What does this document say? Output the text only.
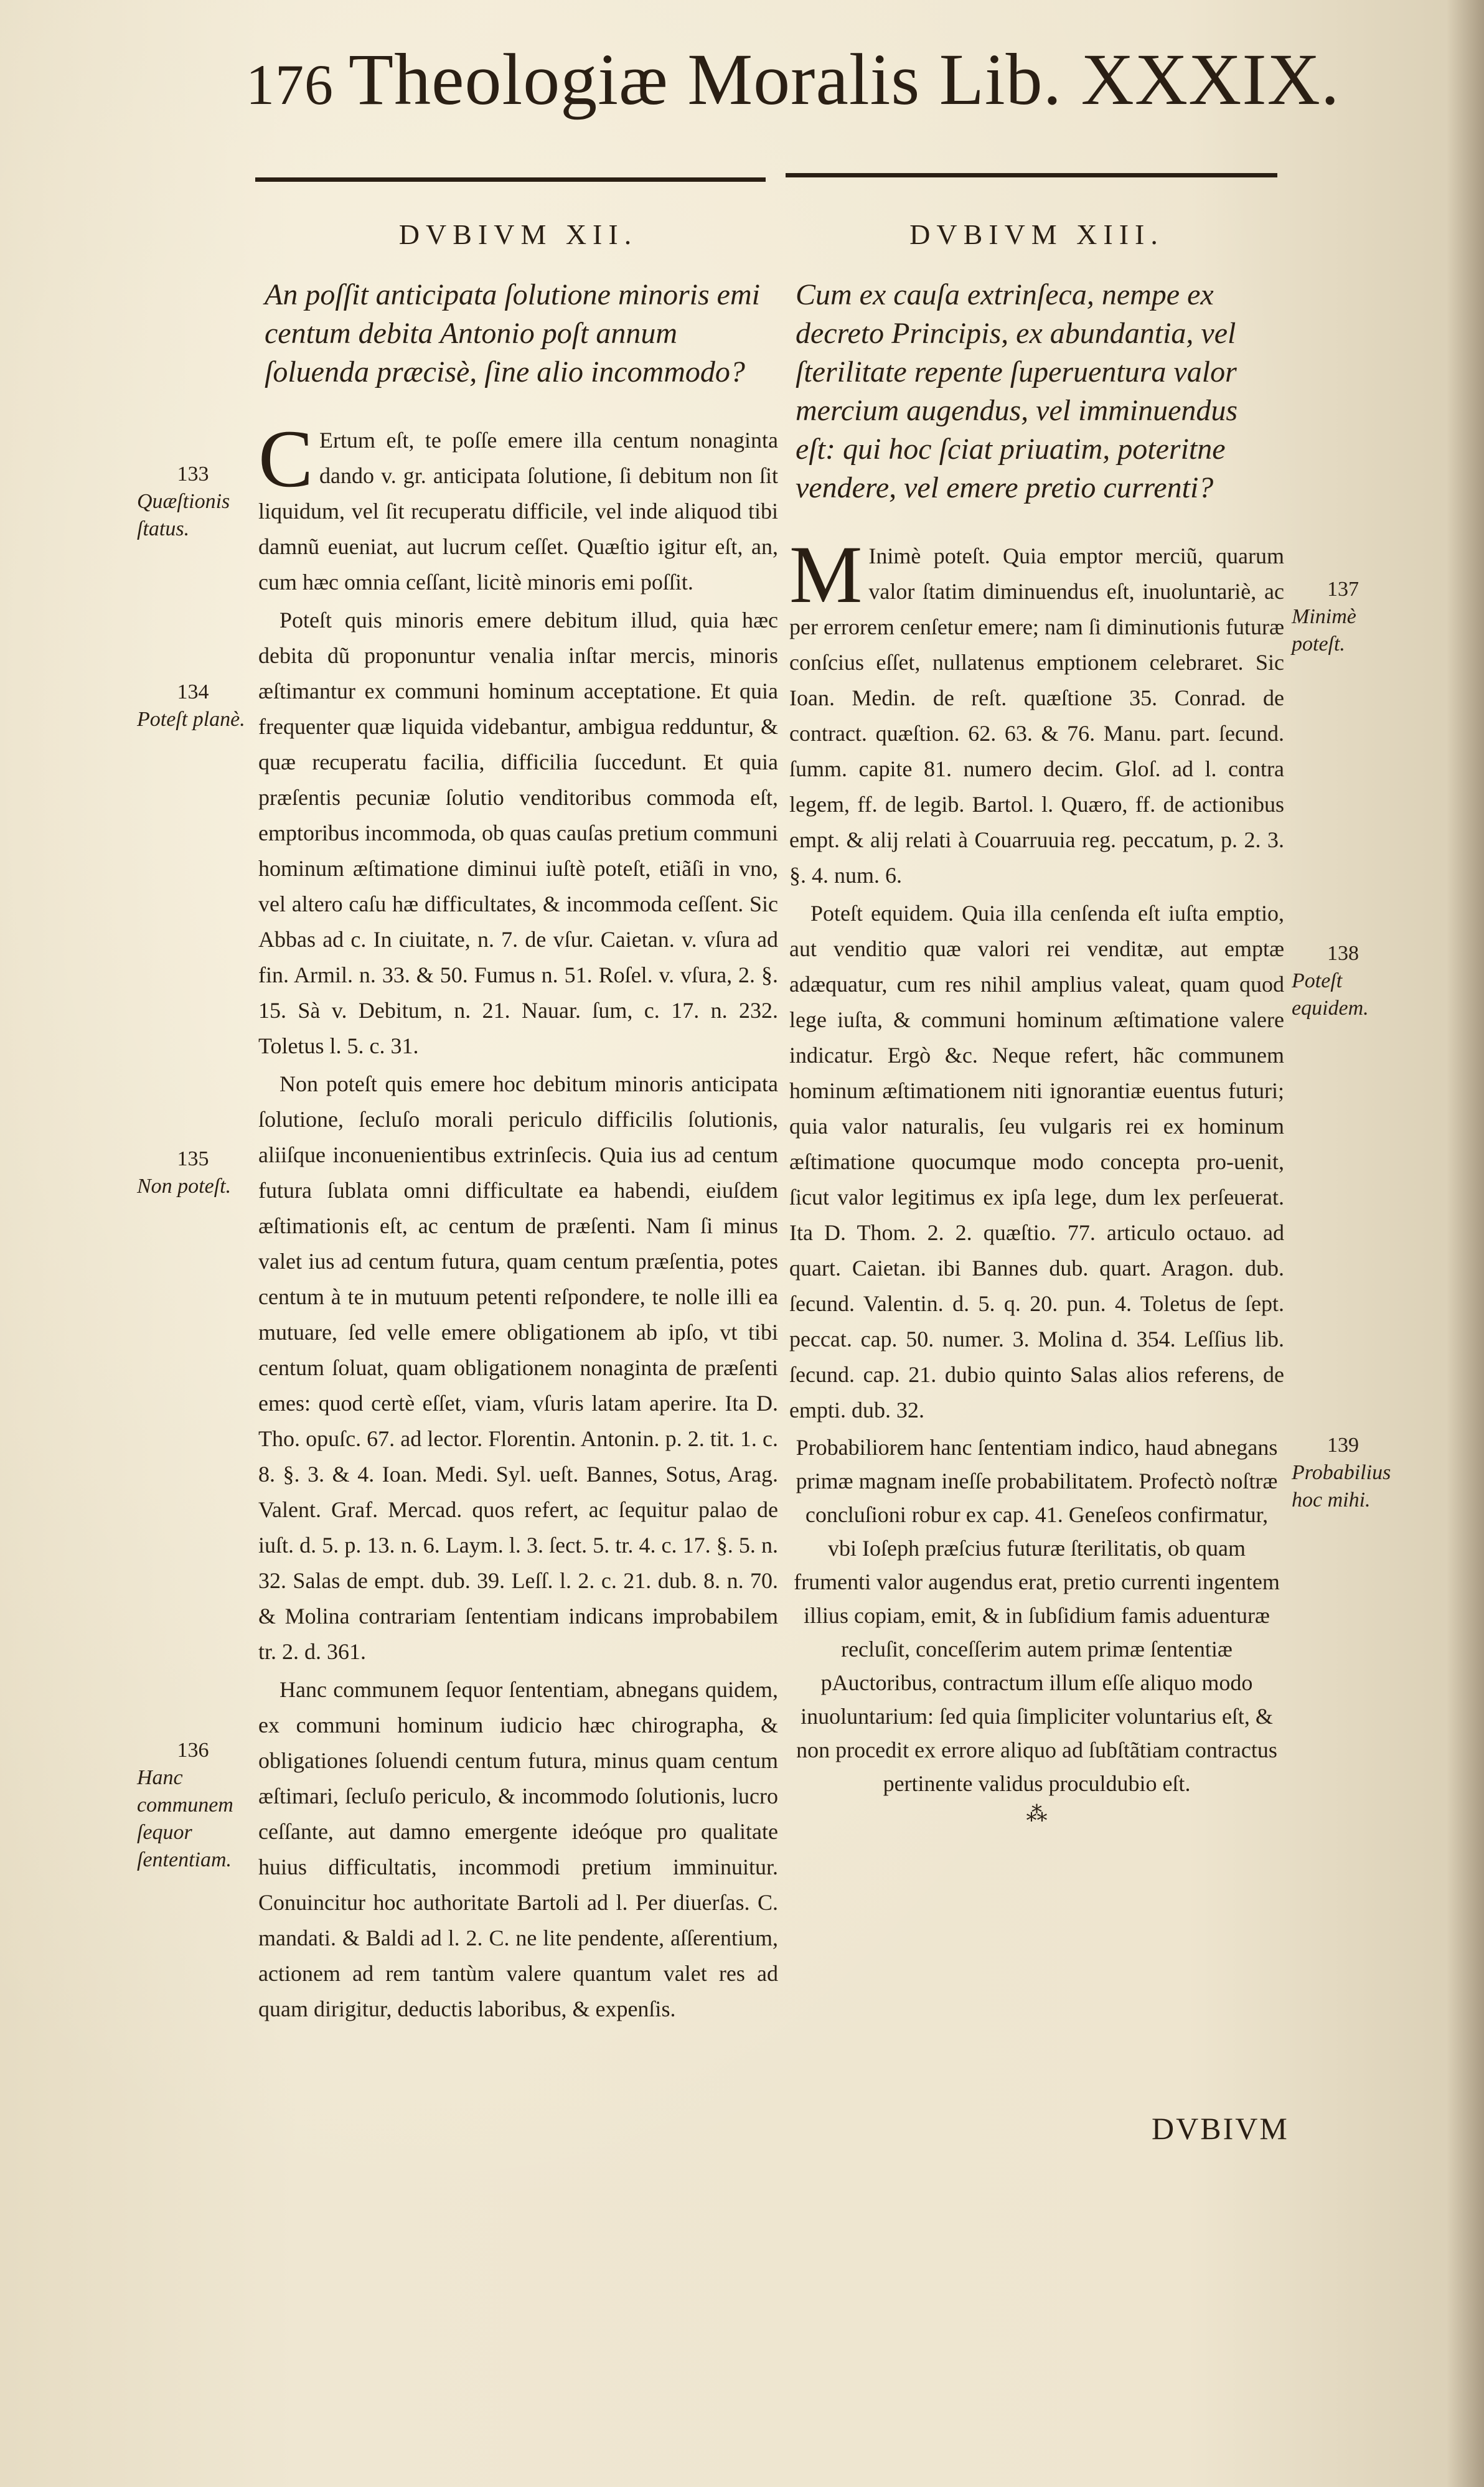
176 Theologiæ Moralis Lib. XXXIX.
DVBIVM XII.
An poſſit anticipata ſolutione minoris emi centum debita Antonio poſt annum ſoluenda præcisè, ſine alio incommodo?

C Ertum eſt, te poſſe emere illa centum nonaginta dando v. gr. anticipata ſolutione, ſi debitum non ſit liquidum, vel ſit recuperatu difficile, vel inde aliquod tibi damnũ eueniat, aut lucrum ceſſet. Quæſtio igitur eſt, an, cum hæc omnia ceſſant, licitè minoris emi poſſit.

Poteſt quis minoris emere debitum illud, quia hæc debita dũ proponuntur venalia inſtar mercis, minoris æſtimantur ex communi hominum acceptatione. Et quia frequenter quæ liquida videbantur, ambigua redduntur, & quæ recuperatu facilia, difficilia ſuccedunt. Et quia præſentis pecuniæ ſolutio venditoribus commoda eſt, emptoribus incommoda, ob quas cauſas pretium communi hominum æſtimatione diminui iuſtè poteſt, etiãſi in vno, vel altero caſu hæ difficultates, & incommoda ceſſent. Sic Abbas ad c. In ciuitate, n. 7. de vſur. Caietan. v. vſura ad fin. Armil. n. 33. & 50. Fumus n. 51. Roſel. v. vſura, 2. §. 15. Sà v. Debitum, n. 21. Nauar. ſum, c. 17. n. 232. Toletus l. 5. c. 31.

Non poteſt quis emere hoc debitum minoris anticipata ſolutione, ſecluſo morali periculo difficilis ſolutionis, aliiſque inconuenientibus extrinſecis. Quia ius ad centum futura ſublata omni difficultate ea habendi, eiuſdem æſtimationis eſt, ac centum de præſenti. Nam ſi minus valet ius ad centum futura, quam centum præſentia, potes centum à te in mutuum petenti reſpondere, te nolle illi ea mutuare, ſed velle emere obligationem ab ipſo, vt tibi centum ſoluat, quam obligationem nonaginta de præſenti emes: quod certè eſſet, viam, vſuris latam aperire. Ita D. Tho. opuſc. 67. ad lector. Florentin. Antonin. p. 2. tit. 1. c. 8. §. 3. & 4. Ioan. Medi. Syl. ueſt. Bannes, Sotus, Arag. Valent. Graf. Mercad. quos refert, ac ſequitur palao de iuſt. d. 5. p. 13. n. 6. Laym. l. 3. ſect. 5. tr. 4. c. 17. §. 5. n. 32. Salas de empt. dub. 39. Leſſ. l. 2. c. 21. dub. 8. n. 70. & Molina contrariam ſententiam indicans improbabilem tr. 2. d. 361.

Hanc communem ſequor ſententiam, abnegans quidem, ex communi hominum iudicio hæc chirographa, & obligationes ſoluendi centum futura, minus quam centum æſtimari, ſecluſo periculo, & incommodo ſolutionis, lucro ceſſante, aut damno emergente ideóque pro qualitate huius difficultatis, incommodi pretium imminuitur. Conuincitur hoc authoritate Bartoli ad l. Per diuerſas. C. mandati. & Baldi ad l. 2. C. ne lite pendente, aſſerentium, actionem ad rem tantùm valere quantum valet res ad quam dirigitur, deductis laboribus, & expenſis.

DVBIVM XIII.
Cum ex cauſa extrinſeca, nempe ex decreto Principis, ex abundantia, vel ſterilitate repente ſuperuentura valor mercium augendus, vel imminuendus eſt: qui hoc ſciat priuatim, poteritne vendere, vel emere pretio currenti?

M Inimè poteſt. Quia emptor merciũ, quarum valor ſtatim diminuendus eſt, inuoluntariè, ac per errorem cenſetur emere; nam ſi diminutionis futuræ conſcius eſſet, nullatenus emptionem celebraret. Sic Ioan. Medin. de reſt. quæſtione 35. Conrad. de contract. quæſtion. 62. 63. & 76. Manu. part. ſecund. ſumm. capite 81. numero decim. Gloſ. ad l. contra legem, ff. de legib. Bartol. l. Quæro, ff. de actionibus empt. & alij relati à Couarruuia reg. peccatum, p. 2. 3. §. 4. num. 6.

Poteſt equidem. Quia illa cenſenda eſt iuſta emptio, aut venditio quæ valori rei venditæ, aut emptæ adæquatur, cum res nihil amplius valeat, quam quod lege iuſta, & communi hominum æſtimatione valere indicatur. Ergò &c. Neque refert, hãc communem hominum æſtimationem niti ignorantiæ euentus futuri; quia valor naturalis, ſeu vulgaris rei ex hominum æſtimatione quocumque modo concepta pro-uenit, ſicut valor legitimus ex ipſa lege, dum lex perſeuerat. Ita D. Thom. 2. 2. quæſtio. 77. articulo octauo. ad quart. Caietan. ibi Bannes dub. quart. Aragon. dub. ſecund. Valentin. d. 5. q. 20. pun. 4. Toletus de ſept. peccat. cap. 50. numer. 3. Molina d. 354. Leſſius lib. ſecund. cap. 21. dubio quinto Salas alios referens, de empti. dub. 32.

Probabiliorem hanc ſententiam indico, haud abnegans primæ magnam ineſſe probabilitatem. Profectò noſtræ concluſioni robur ex cap. 41. Geneſeos confirmatur, vbi Ioſeph præſcius futuræ ſterilitatis, ob quam frumenti valor augendus erat, pretio currenti ingentem illius copiam, emit, & in ſubſidium famis aduenturæ recluſit, conceſſerim autem primæ ſententiæ pAuctoribus, contractum illum eſſe aliquo modo inuoluntarium: ſed quia ſimpliciter voluntarius eſt, & non procedit ex errore aliquo ad ſubſtãtiam contractus pertinente validus proculdubio eſt.

⁂
133
Quæſtionis ſtatus.
134
Poteſt planè.
135
Non poteſt.
136
Hanc communem ſequor ſententiam.
137
Minimè poteſt.
138
Poteſt equidem.
139
Probabilius hoc mihi.
DVBIVM
